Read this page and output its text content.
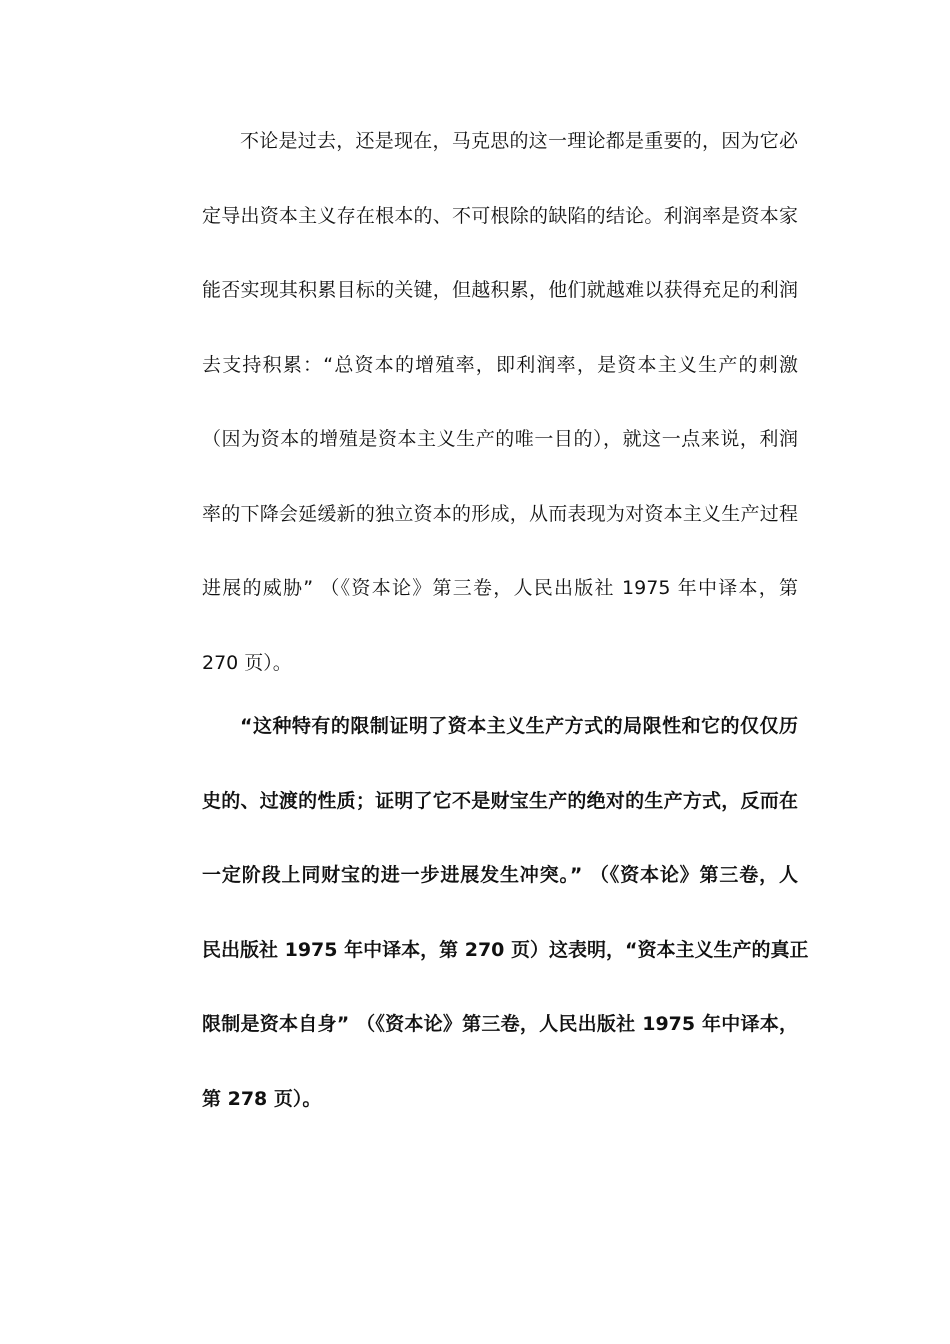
不论是过去，还是现在，马克思的这一理论都是重要的，因为它必
定导出资本主义存在根本的、不可根除的缺陷的结论。利润率是资本家
能否实现其积累目标的关键，但越积累，他们就越难以获得充足的利润
去支持积累：“总资本的增殖率，即利润率，是资本主义生产的刺激
（因为资本的增殖是资本主义生产的唯一目的），就这一点来说，利润
率的下降会延缓新的独立资本的形成，从而表现为对资本主义生产过程
进展的威胁” （《资本论》第三卷，人民出版社 1975 年中译本，第
270 页）。
“这种特有的限制证明了资本主义生产方式的局限性和它的仅仅历
史的、过渡的性质；证明了它不是财宝生产的绝对的生产方式，反而在
一定阶段上同财宝的进一步进展发生冲突。” （《资本论》第三卷，人
民出版社 1975 年中译本，第 270 页）这表明，“资本主义生产的真正
限制是资本自身” （《资本论》第三卷，人民出版社 1975 年中译本，
第 278 页）。
